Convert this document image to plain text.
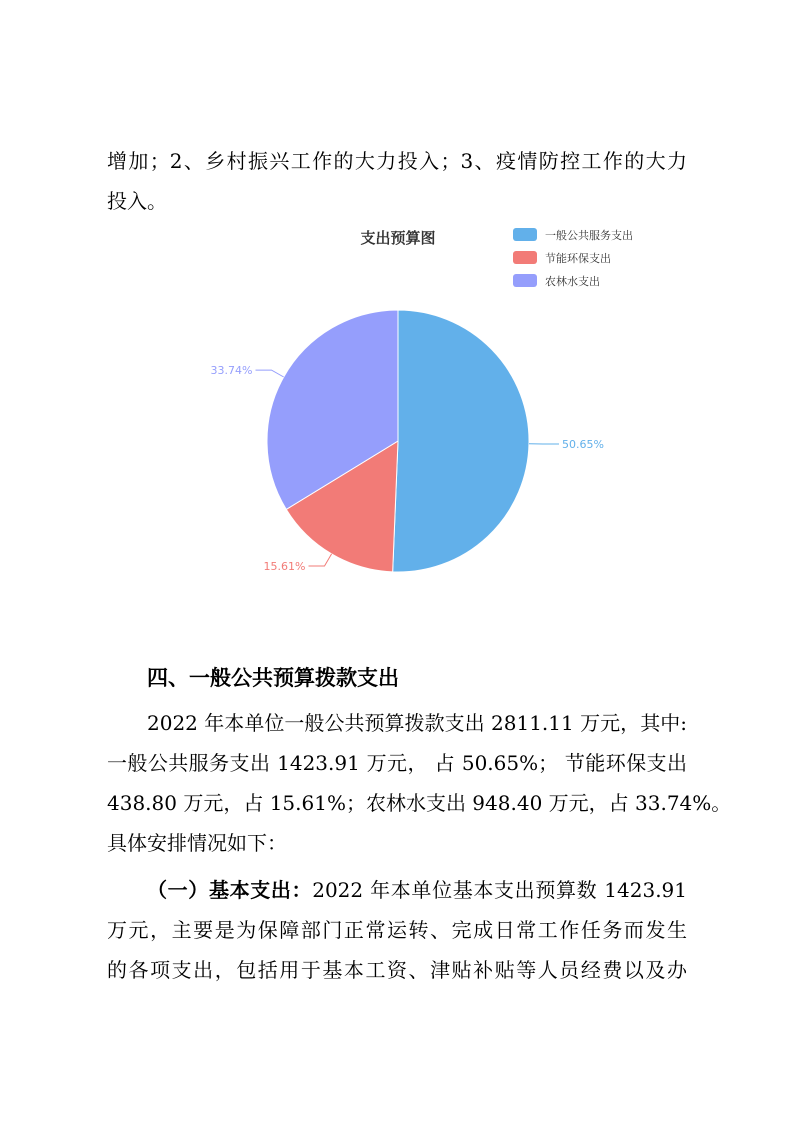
增加；2、乡村振兴工作的大力投入；3、疫情防控工作的大力
投入。
支出预算图	一般公共服务支出
节能环保支出
农林水支出
50.65%
15.61%
33.74%
四、一般公共预算拨款支出
2022 年本单位一般公共预算拨款支出 2811.11 万元，其中:
一般公共服务支出 1423.91 万元， 占 50.65%； 节能环保支出
438.80 万元，占 15.61%；农林水支出 948.40 万元，占 33.74%。
具体安排情况如下：
（一）基本支出：2022 年本单位基本支出预算数 1423.91
万元，主要是为保障部门正常运转、完成日常工作任务而发生
的各项支出，包括用于基本工资、津贴补贴等人员经费以及办
